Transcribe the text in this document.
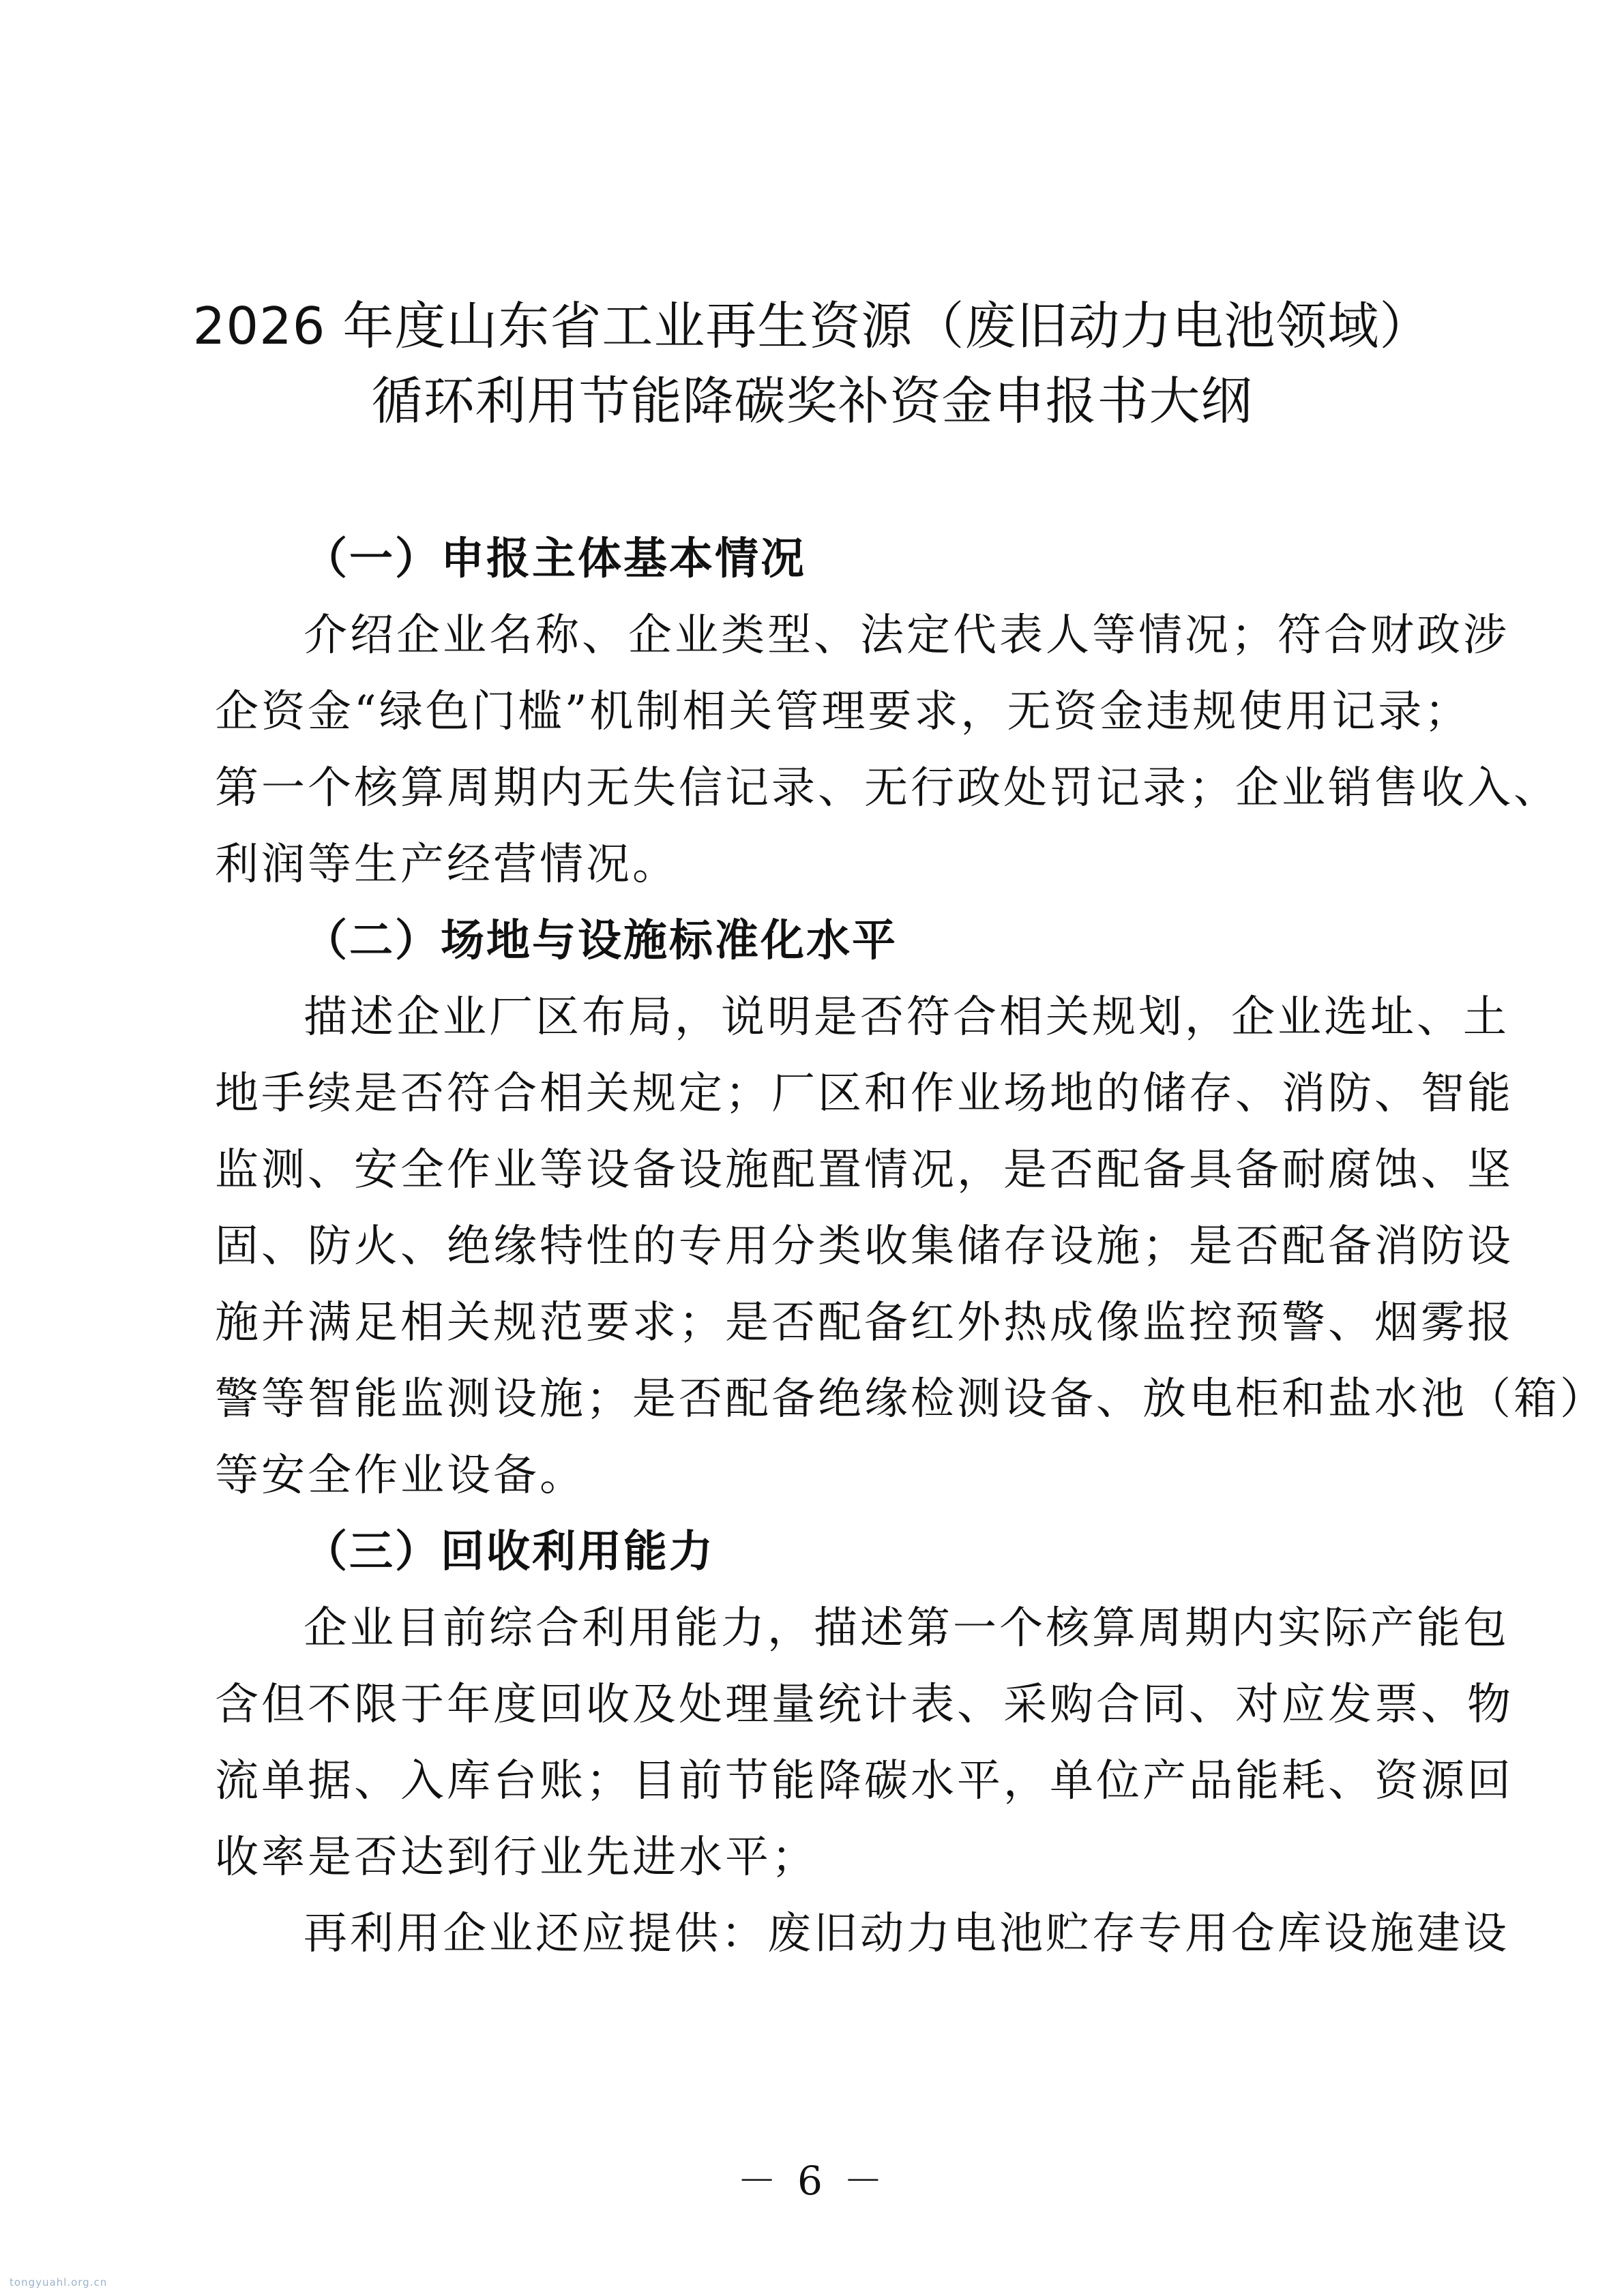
2026 年度山东省工业再生资源（废旧动力电池领域）
循环利用节能降碳奖补资金申报书大纲
（一）申报主体基本情况
介绍企业名称、企业类型、法定代表人等情况；符合财政涉
企资金“绿色门槛”机制相关管理要求，无资金违规使用记录；
第一个核算周期内无失信记录、无行政处罚记录；企业销售收入、
利润等生产经营情况。
（二）场地与设施标准化水平
描述企业厂区布局，说明是否符合相关规划，企业选址、土
地手续是否符合相关规定；厂区和作业场地的储存、消防、智能
监测、安全作业等设备设施配置情况，是否配备具备耐腐蚀、坚
固、防火、绝缘特性的专用分类收集储存设施；是否配备消防设
施并满足相关规范要求；是否配备红外热成像监控预警、烟雾报
警等智能监测设施；是否配备绝缘检测设备、放电柜和盐水池（箱）
等安全作业设备。
（三）回收利用能力
企业目前综合利用能力，描述第一个核算周期内实际产能包
含但不限于年度回收及处理量统计表、采购合同、对应发票、物
流单据、入库台账；目前节能降碳水平，单位产品能耗、资源回
收率是否达到行业先进水平；
再利用企业还应提供：废旧动力电池贮存专用仓库设施建设
－ 6 －
tongyuahl.org.cn
